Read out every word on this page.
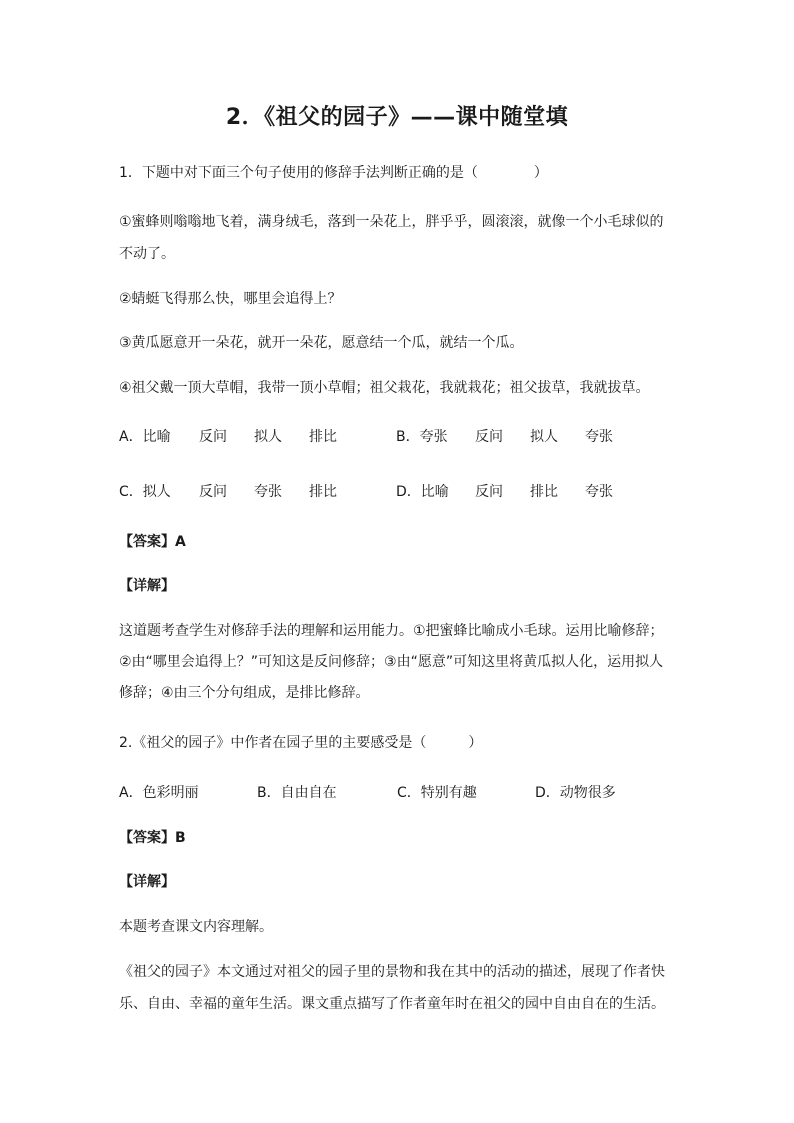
2．《祖父的园子》——课中随堂填
1．下题中对下面三个句子使用的修辞手法判断正确的是（　　　　）
①蜜蜂则嗡嗡地飞着，满身绒毛，落到一朵花上，胖乎乎，圆滚滚，就像一个小毛球似的
不动了。
②蜻蜓飞得那么快，哪里会追得上？
③黄瓜愿意开一朵花，就开一朵花，愿意结一个瓜，就结一个瓜。
④祖父戴一顶大草帽，我带一顶小草帽；祖父栽花，我就栽花；祖父拔草，我就拔草。
A．比喻 反问 拟人 排比	B．夸张 反问 拟人 夸张
C．拟人 反问 夸张 排比	D．比喻 反问 排比 夸张
【答案】A
【详解】
这道题考查学生对修辞手法的理解和运用能力。①把蜜蜂比喻成小毛球。运用比喻修辞；
②由“哪里会追得上？”可知这是反问修辞；③由“愿意”可知这里将黄瓜拟人化，运用拟人
修辞；④由三个分句组成，是排比修辞。
2.《祖父的园子》中作者在园子里的主要感受是（　　　）
A．色彩明丽	B．自由自在	C．特别有趣	D．动物很多
【答案】B
【详解】
本题考查课文内容理解。
《祖父的园子》本文通过对祖父的园子里的景物和我在其中的活动的描述，展现了作者快
乐、自由、幸福的童年生活。课文重点描写了作者童年时在祖父的园中自由自在的生活。
